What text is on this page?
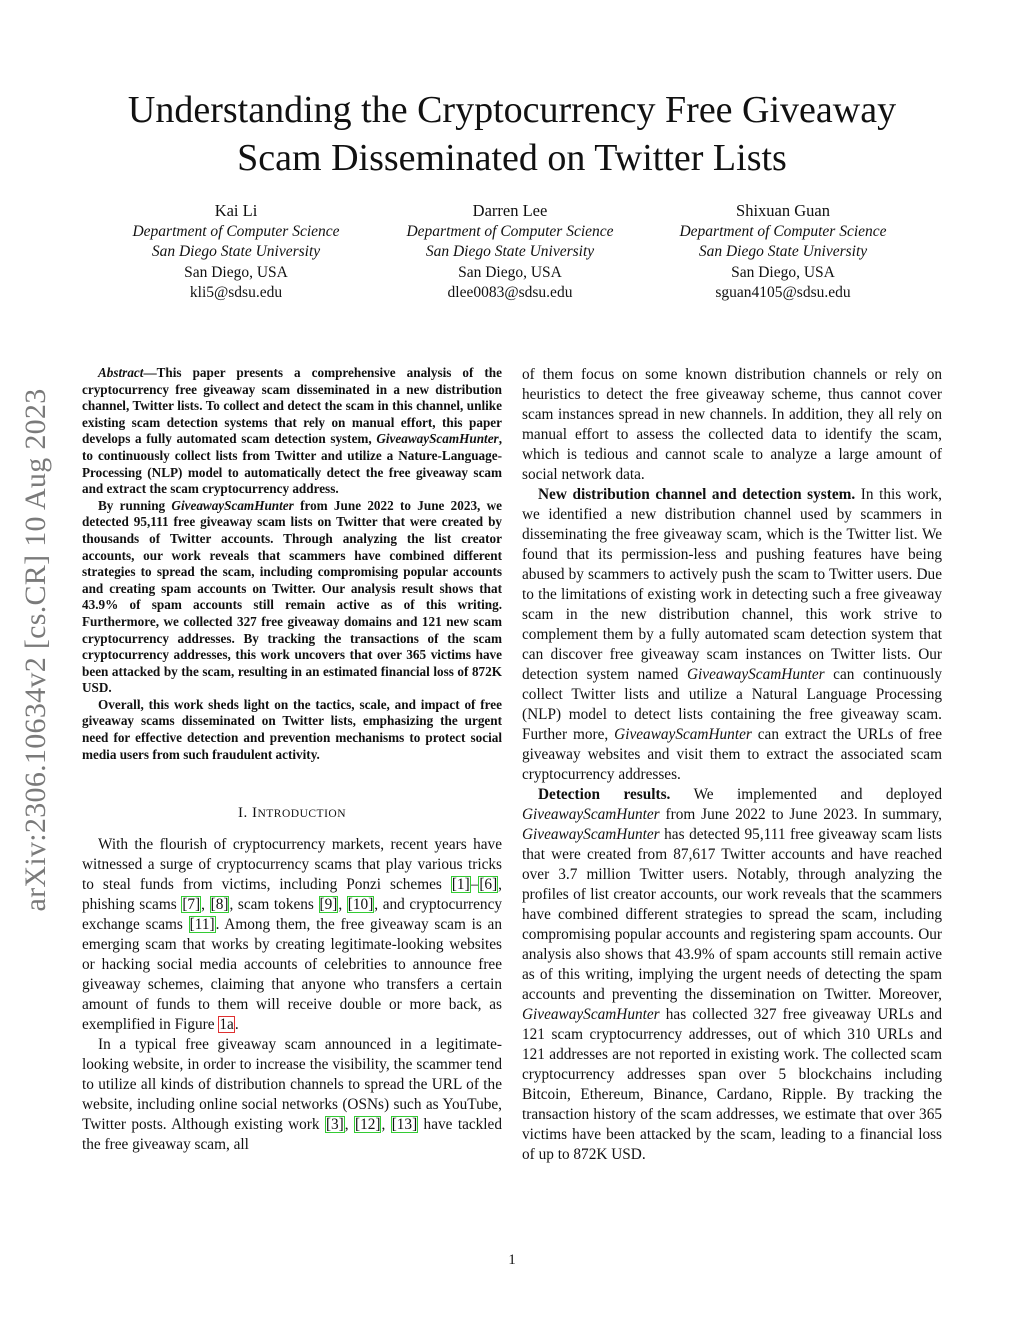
Understanding the Cryptocurrency Free Giveaway
Scam Disseminated on Twitter Lists
Kai Li
Department of Computer Science
San Diego State University
San Diego, USA
kli5@sdsu.edu
Darren Lee
Department of Computer Science
San Diego State University
San Diego, USA
dlee0083@sdsu.edu
Shixuan Guan
Department of Computer Science
San Diego State University
San Diego, USA
sguan4105@sdsu.edu
arXiv:2306.10634v2 [cs.CR] 10 Aug 2023

Abstract—This paper presents a comprehensive analysis of the cryptocurrency free giveaway scam disseminated in a new distribution channel, Twitter lists. To collect and detect the scam in this channel, unlike existing scam detection systems that rely on manual effort, this paper develops a fully automated scam detection system, GiveawayScamHunter, to continuously collect lists from Twitter and utilize a Nature-Language-Processing (NLP) model to automatically detect the free giveaway scam and extract the scam cryptocurrency address.

By running GiveawayScamHunter from June 2022 to June 2023, we detected 95,111 free giveaway scam lists on Twitter that were created by thousands of Twitter accounts. Through analyzing the list creator accounts, our work reveals that scammers have combined different strategies to spread the scam, including compromising popular accounts and creating spam accounts on Twitter. Our analysis result shows that 43.9% of spam accounts still remain active as of this writing. Furthermore, we collected 327 free giveaway domains and 121 new scam cryptocurrency addresses. By tracking the transactions of the scam cryptocurrency addresses, this work uncovers that over 365 victims have been attacked by the scam, resulting in an estimated financial loss of 872K USD.

Overall, this work sheds light on the tactics, scale, and impact of free giveaway scams disseminated on Twitter lists, emphasizing the urgent need for effective detection and prevention mechanisms to protect social media users from such fraudulent activity.

I. INTRODUCTION

With the flourish of cryptocurrency markets, recent years have witnessed a surge of cryptocurrency scams that play various tricks to steal funds from victims, including Ponzi schemes [1]–[6], phishing scams [7], [8], scam tokens [9], [10], and cryptocurrency exchange scams [11]. Among them, the free giveaway scam is an emerging scam that works by creating legitimate-looking websites or hacking social media accounts of celebrities to announce free giveaway schemes, claiming that anyone who transfers a certain amount of funds to them will receive double or more back, as exemplified in Figure 1a.

In a typical free giveaway scam announced in a legitimate-looking website, in order to increase the visibility, the scammer tend to utilize all kinds of distribution channels to spread the URL of the website, including online social networks (OSNs) such as YouTube, Twitter posts. Although existing work [3], [12], [13] have tackled the free giveaway scam, all

of them focus on some known distribution channels or rely on heuristics to detect the free giveaway scheme, thus cannot cover scam instances spread in new channels. In addition, they all rely on manual effort to assess the collected data to identify the scam, which is tedious and cannot scale to analyze a large amount of social network data.

New distribution channel and detection system. In this work, we identified a new distribution channel used by scammers in disseminating the free giveaway scam, which is the Twitter list. We found that its permission-less and pushing features have being abused by scammers to actively push the scam to Twitter users. Due to the limitations of existing work in detecting such a free giveaway scam in the new distribution channel, this work strive to complement them by a fully automated scam detection system that can discover free giveaway scam instances on Twitter lists. Our detection system named GiveawayScamHunter can continuously collect Twitter lists and utilize a Natural Language Processing (NLP) model to detect lists containing the free giveaway scam. Further more, GiveawayScamHunter can extract the URLs of free giveaway websites and visit them to extract the associated scam cryptocurrency addresses.

Detection results. We implemented and deployed GiveawayScamHunter from June 2022 to June 2023. In summary, GiveawayScamHunter has detected 95,111 free giveaway scam lists that were created from 87,617 Twitter accounts and have reached over 3.7 million Twitter users. Notably, through analyzing the profiles of list creator accounts, our work reveals that the scammers have combined different strategies to spread the scam, including compromising popular accounts and registering spam accounts. Our analysis also shows that 43.9% of spam accounts still remain active as of this writing, implying the urgent needs of detecting the spam accounts and preventing the dissemination on Twitter. Moreover, GiveawayScamHunter has collected 327 free giveaway URLs and 121 scam cryptocurrency addresses, out of which 310 URLs and 121 addresses are not reported in existing work. The collected scam cryptocurrency addresses span over 5 blockchains including Bitcoin, Ethereum, Binance, Cardano, Ripple. By tracking the transaction history of the scam addresses, we estimate that over 365 victims have been attacked by the scam, leading to a financial loss of up to 872K USD.

1
